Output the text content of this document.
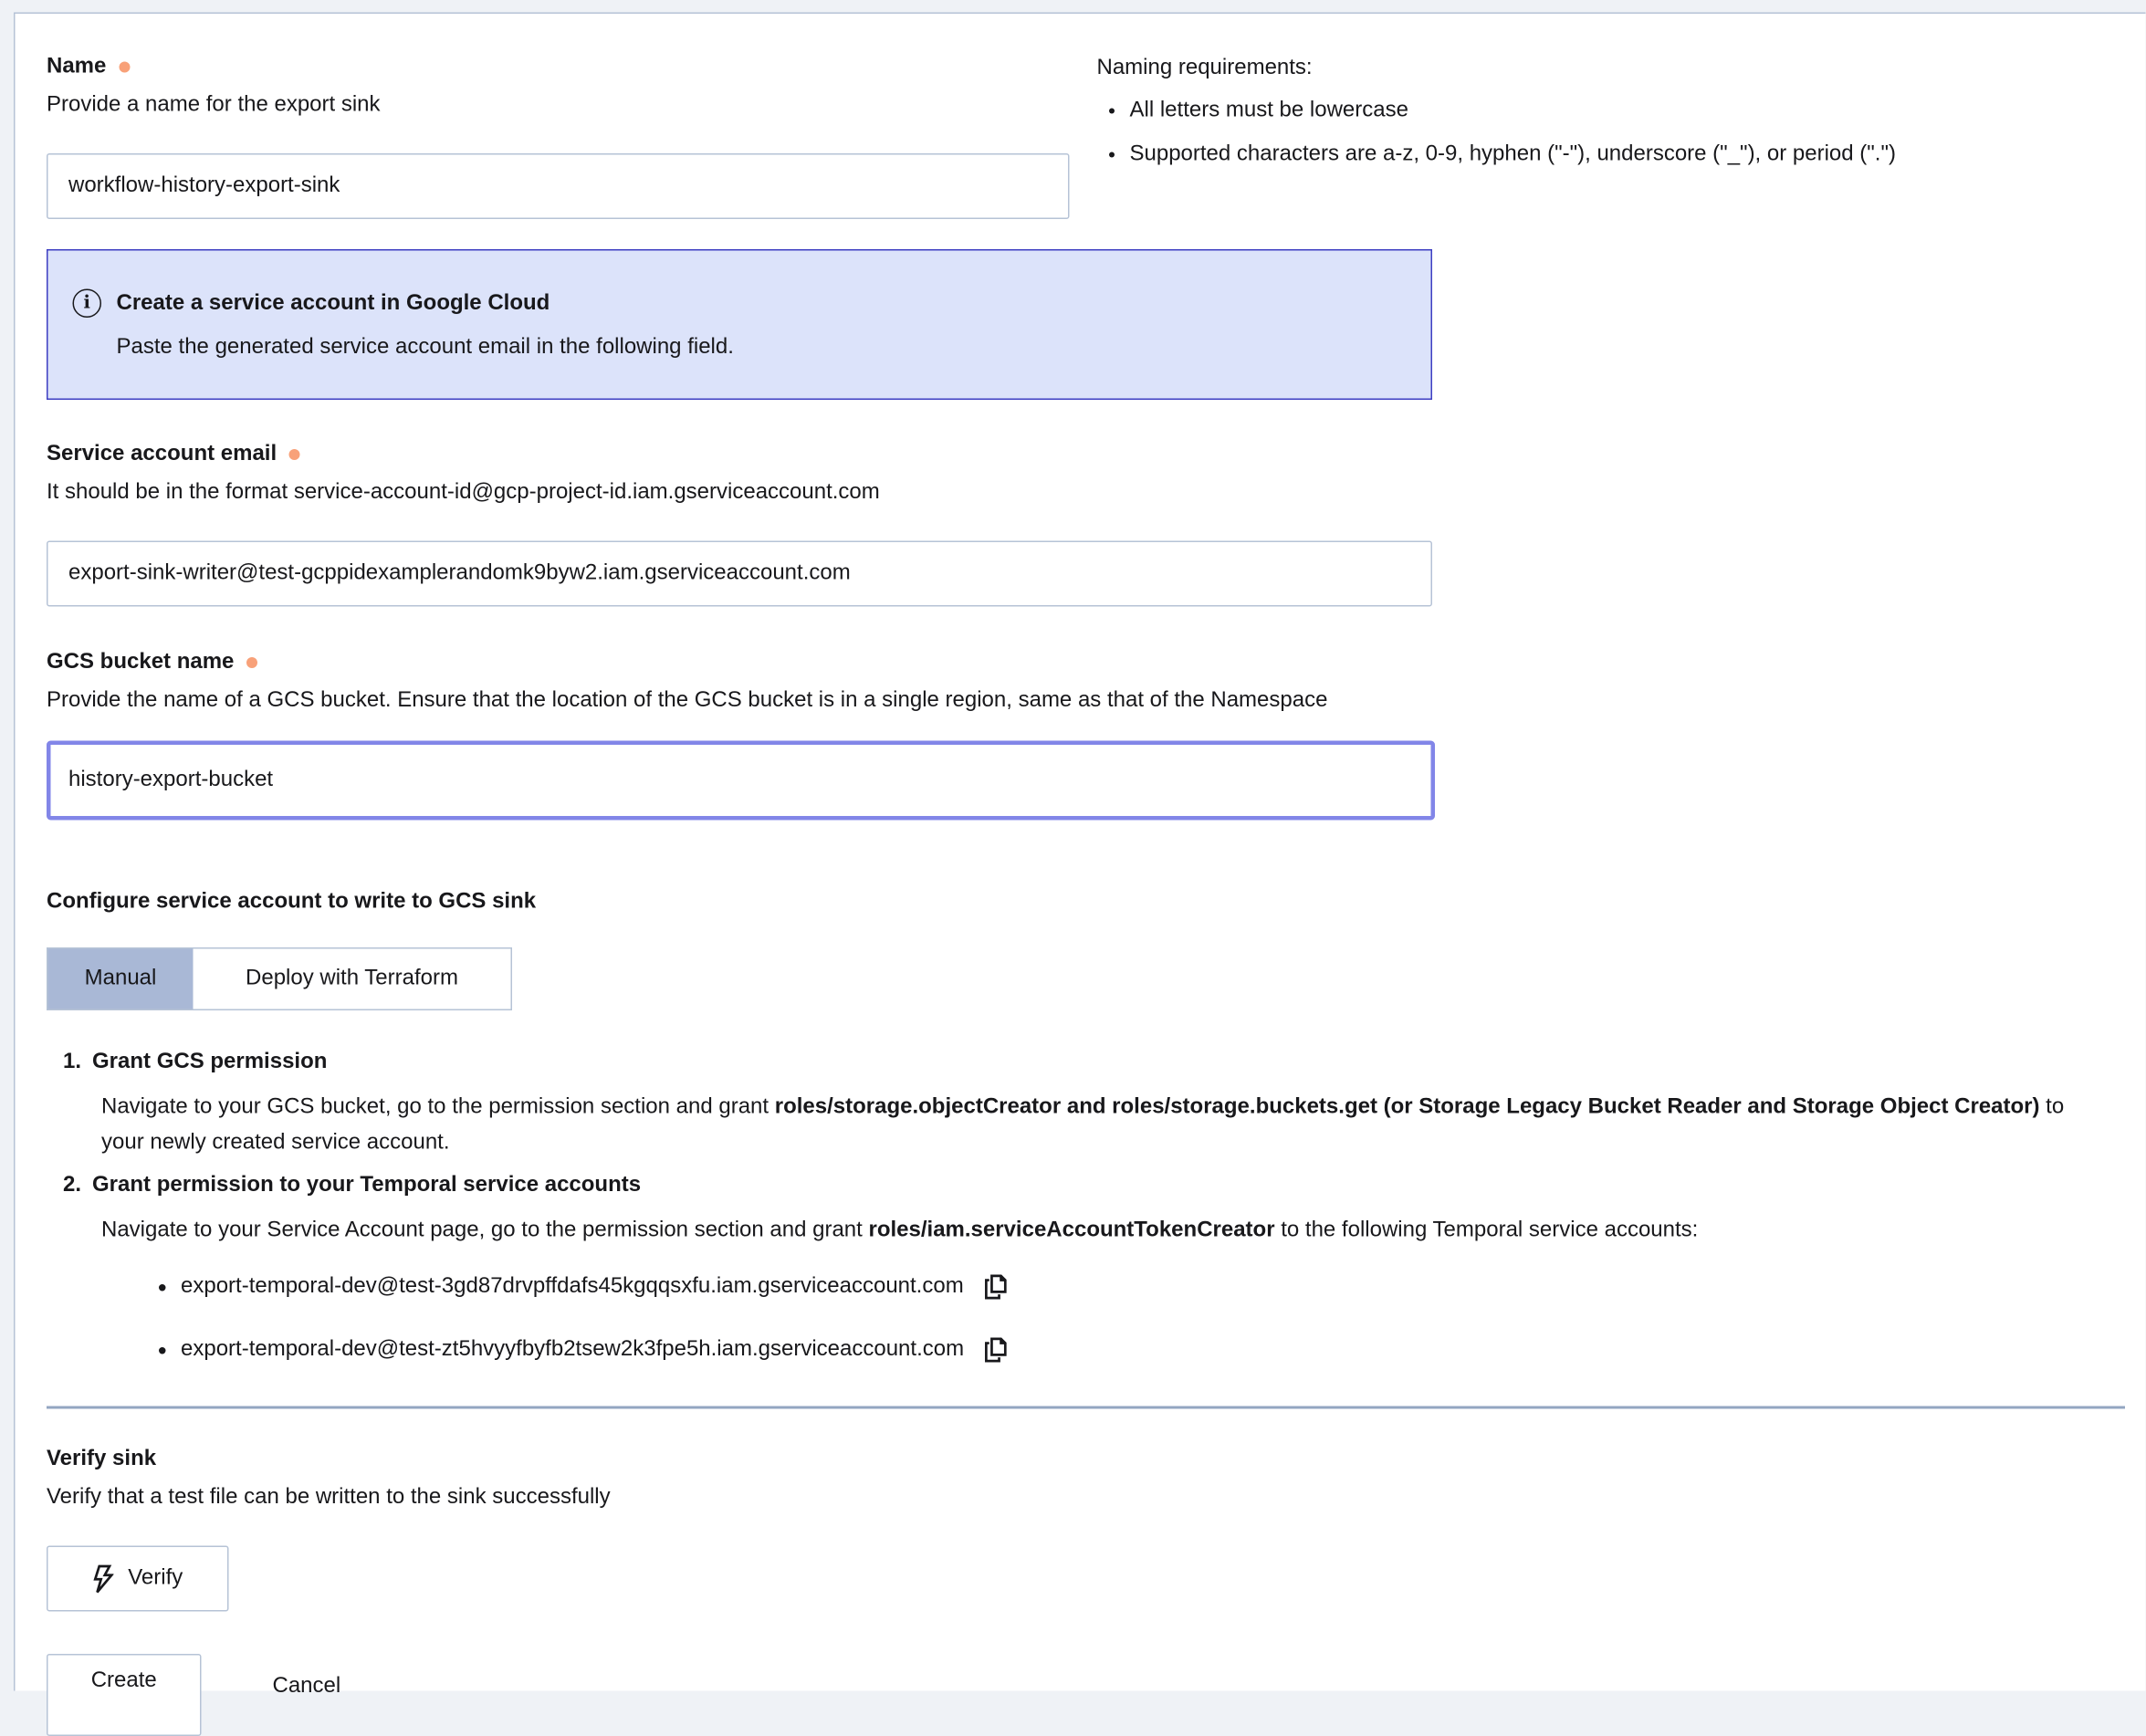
Name
Provide a name for the export sink
workflow-history-export-sink
Naming requirements:
• All letters must be lowercase
• Supported characters are a-z, 0-9, hyphen ("-"), underscore ("_"), or period (".")
i	Create a service account in Google Cloud
Paste the generated service account email in the following field.
Service account email
It should be in the format service-account-id@gcp-project-id.iam.gserviceaccount.com
export-sink-writer@test-gcppidexamplerandomk9byw2.iam.gserviceaccount.com
GCS bucket name
Provide the name of a GCS bucket. Ensure that the location of the GCS bucket is in a single region, same as that of the Namespace
history-export-bucket
Configure service account to write to GCS sink
Manual	Deploy with Terraform
1. Grant GCS permission
Navigate to your GCS bucket, go to the permission section and grant roles/storage.objectCreator and roles/storage.buckets.get (or Storage Legacy Bucket Reader and Storage Object Creator) to your newly created service account.
2. Grant permission to your Temporal service accounts
Navigate to your Service Account page, go to the permission section and grant roles/iam.serviceAccountTokenCreator to the following Temporal service accounts:
export-temporal-dev@test-3gd87drvpffdafs45kgqqsxfu.iam.gserviceaccount.com
export-temporal-dev@test-zt5hvyyfbyfb2tsew2k3fpe5h.iam.gserviceaccount.com
Verify sink
Verify that a test file can be written to the sink successfully
Verify
Create	Cancel
